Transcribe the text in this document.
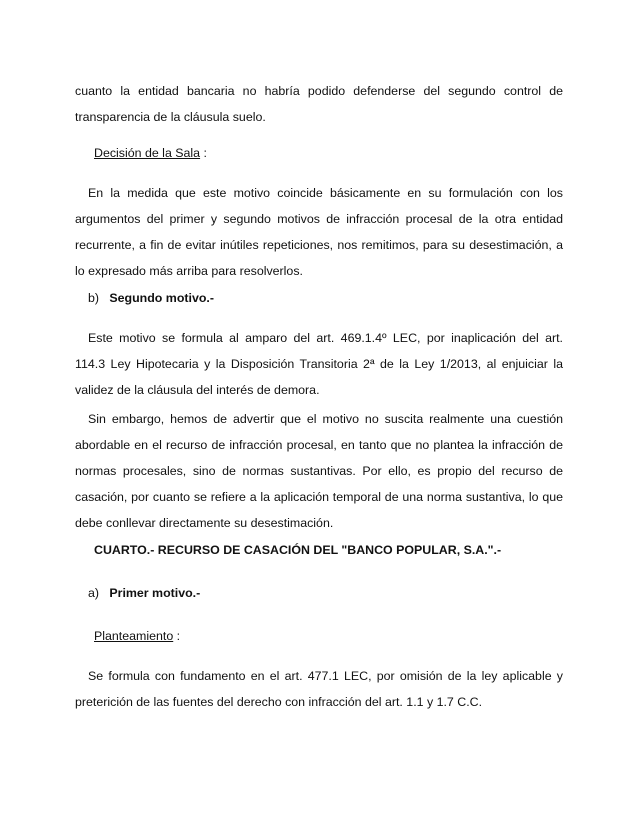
cuanto la entidad bancaria no habría podido defenderse del segundo control de
transparencia de la cláusula suelo.

Decisión de la Sala :

En la medida que este motivo coincide básicamente en su formulación con los
argumentos del primer y segundo motivos de infracción procesal de la otra entidad
recurrente, a fin de evitar inútiles repeticiones, nos remitimos, para su desestimación, a
lo expresado más arriba para resolverlos.

b) Segundo motivo.-

Este motivo se formula al amparo del art. 469.1.4º LEC, por inaplicación del art.
114.3 Ley Hipotecaria y la Disposición Transitoria 2ª de la Ley 1/2013, al enjuiciar la
validez de la cláusula del interés de demora.

Sin embargo, hemos de advertir que el motivo no suscita realmente una cuestión
abordable en el recurso de infracción procesal, en tanto que no plantea la infracción de
normas procesales, sino de normas sustantivas. Por ello, es propio del recurso de
casación, por cuanto se refiere a la aplicación temporal de una norma sustantiva, lo que
debe conllevar directamente su desestimación.

CUARTO.- RECURSO DE CASACIÓN DEL "BANCO POPULAR, S.A.".-
a) Primer motivo.-
Planteamiento :

Se formula con fundamento en el art. 477.1 LEC, por omisión de la ley aplicable y
preterición de las fuentes del derecho con infracción del art. 1.1 y 1.7 C.C.
